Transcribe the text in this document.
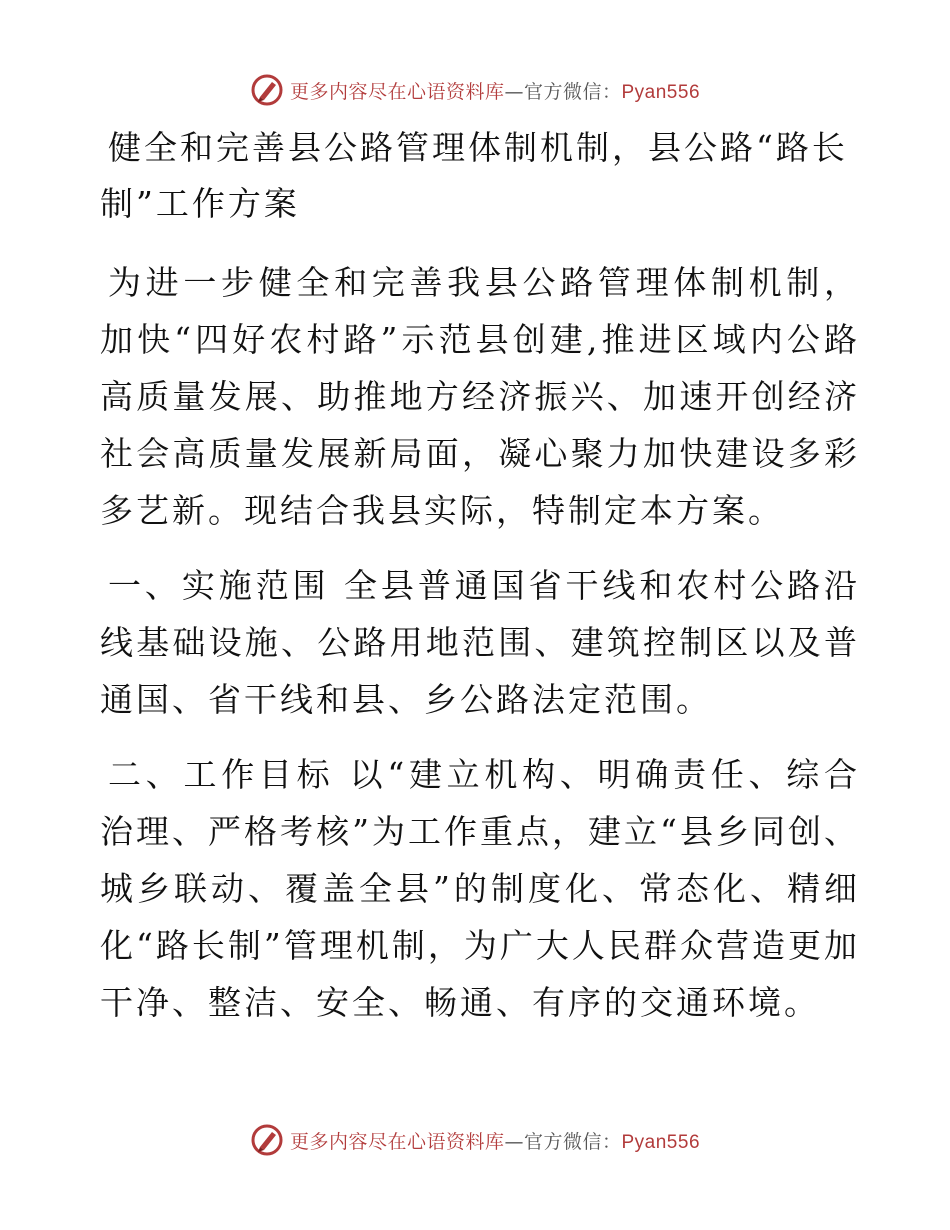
更多内容尽在心语资料库—官方微信：Pyan556
健全和完善县公路管理体制机制，县公路“路长制”工作方案

为进一步健全和完善我县公路管理体制机制，加快“四好农村路”示范县创建,推进区域内公路高质量发展、助推地方经济振兴、加速开创经济社会高质量发展新局面，凝心聚力加快建设多彩多艺新。现结合我县实际，特制定本方案。

一、实施范围 全县普通国省干线和农村公路沿线基础设施、公路用地范围、建筑控制区以及普通国、省干线和县、乡公路法定范围。

二、工作目标 以“建立机构、明确责任、综合治理、严格考核”为工作重点，建立“县乡同创、城乡联动、覆盖全县”的制度化、常态化、精细化“路长制”管理机制，为广大人民群众营造更加干净、整洁、安全、畅通、有序的交通环境。

更多内容尽在心语资料库—官方微信：Pyan556
